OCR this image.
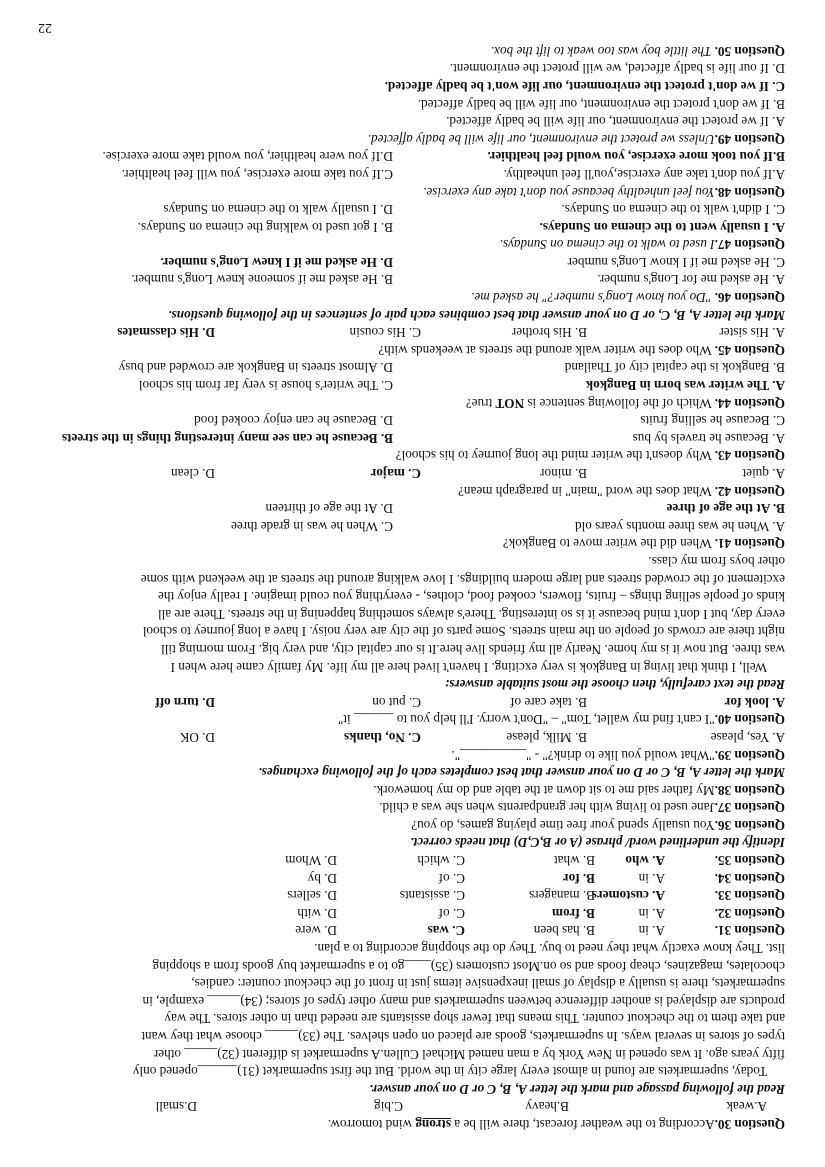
Question 30.According to the weather forecast, there will be a strong wind tomorrow.
A.weak
B.heavy
C.big
D.small
Read the following passage and mark the letter A, B, C or D on your answer.
Today, supermarkets are found in almost every large city in the world. But the first supermarket (31)______opened only
fifty years ago. It was opened in New York by a man named Michael Cullen.A supermarket is different (32)_____ other
types of stores in several ways. In supermarkets, goods are placed on open shelves. The (33)_____ choose what they want
and take them to the checkout counter. This means that fewer shop assistants are needed than in other stores. The way
products are displayed is another difference between supermarkets and many other types of stores; (34)_____ example, in
supermarkets, there is usually a display of small inexpensive items just in front of the checkout counter: candies,
chocolates, magazines, cheap foods and so on.Most customers (35)____go to a supermarket buy goods from a shopping
list. They know exactly what they need to buy. They do the shopping according to a plan.
Question 31.
A. in
B. has been
C. was
D. were
Question 32.
A. in
B. from
C. of
D. with
Question 33.
A. customers
B. managers
C. assistants
D. sellers
Question 34.
A. in
B. for
C. of
D. by
Question 35.
A. who
B. what
C. which
D. Whom
Identify the underlined word/ phrase (A or B,C,D) that needs correct.
Question 36.You usually spend your free time playing games, do you?
Question 37.Jane used to living with her grandparents when she was a child.
Question 38.My father said me to sit down at the table and do my homework.
Mark the letter A, B, C or D on your answer that best completes each of the following exchanges.
Question 39."What would you like to drink?" - "__________".
A. Yes, please
B. Milk, please
C. No, thanks
D. OK
Question 40."I can't find my wallet, Tom" – "Don't worry. I'll help you to ______ it"
A. look for
B. take care of
C. put on
D. turn off
Read the text carefully, then choose the most suitable answers:
Well, I think that living in Bangkok is very exciting. I haven't lived here all my life. My family came here when I
was three. But now it is my home. Nearly all my friends live here.It is our capital city, and very big. From morning till
night there are crowds of people on the main streets. Some parts of the city are very noisy. I have a long journey to school
every day, but I don't mind because it is so interesting. There's always something happening in the streets. There are all
kinds of people selling things – fruits, flowers, cooked food, clothes, - everything you could imagine. I really enjoy the
excitement of the crowded streets and large modern buildings. I love walking around the streets at the weekend with some
other boys from my class.
Question 41. When did the writer move to Bangkok?
A. When he was three months years old
C. When he was in grade three
B. At the age of three
D. At the age of thirteen
Question 42. What does the word "main" in paragraph mean?
A. quiet
B. minor
C. major
D. clean
Question 43. Why doesn't the writer mind the long journey to his school?
A. Because he travels by bus
B. Because he can see many interesting things in the streets
C. Because he selling fruits
D. Because he can enjoy cooked food
Question 44. Which of the following sentence is NOT true?
A. The writer was born in Bangkok
C. The writer's house is very far from his school
B. Bangkok is the capital city of Thailand
D. Almost streets in Bangkok are crowded and busy
Question 45. Who does the writer walk around the streets at weekends with?
A. His sister
B. His brother
C. His cousin
D. His classmates
Mark the letter A, B, C, or D on your answer that best combines each pair of sentences in the following questions.
Question 46. "Do you know Long's number?" he asked me.
A. He asked me for Long's number.
B. He asked me if someone knew Long's number.
C. He asked me if I know Long's number
D. He asked me if I knew Long's number.
Question 47.I used to walk to the cinema on Sundays.
A. I usually went to the cinema on Sundays.
B. I got used to walking the cinema on Sundays.
C. I didn't walk to the cinema on Sundays.
D. I usually walk to the cinema on Sundays
Question 48.You feel unhealthy because you don't take any exercise.
A.If you don't take any exercise,you'll feel unhealthy.
C.If you take more exercise, you will feel healthier.
B.If you took more exercise, you would feel healthier.
D.If you were healthier, you would take more exercise.
Question 49.Unless we protect the environment, our life will be badly affected.
A. If we protect the environment, our life will be badly affected.
B. If we don't protect the environment, our life will be badly affected.
C. If we don't protect the environment, our life won't be badly affected.
D. If our life is badly affected, we will protect the environment.
Question 50. The little boy was too weak to lift the box.
22
